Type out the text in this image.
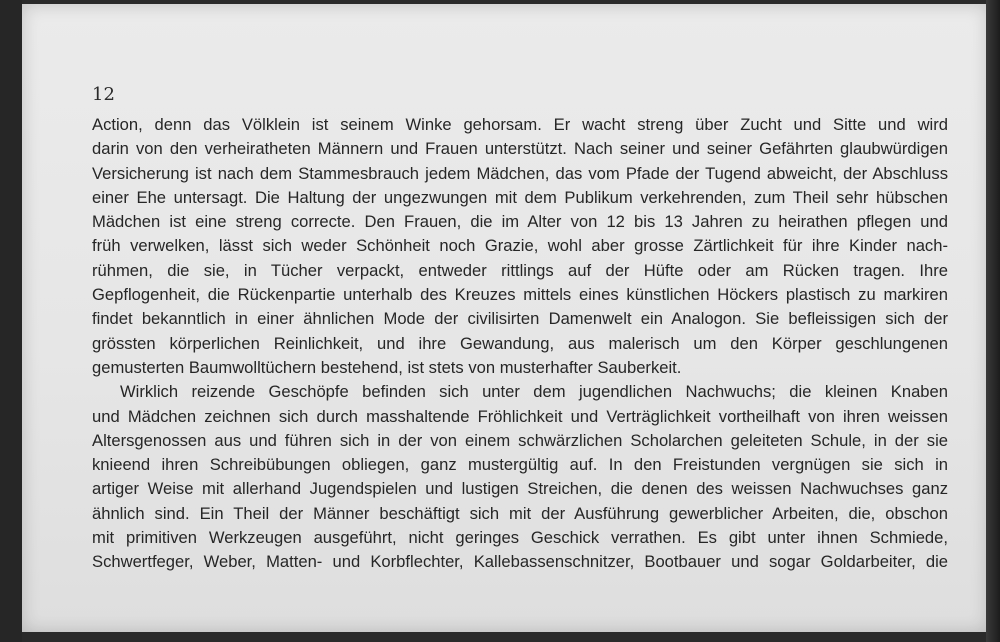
12
Action, denn das Völklein ist seinem Winke gehorsam. Er wacht streng über Zucht und Sitte und wird
darin von den verheiratheten Männern und Frauen unterstützt. Nach seiner und seiner Gefährten glaubwürdigen
Versicherung ist nach dem Stammesbrauch jedem Mädchen, das vom Pfade der Tugend abweicht, der Abschluss
einer Ehe untersagt. Die Haltung der ungezwungen mit dem Publikum verkehrenden, zum Theil sehr hübschen
Mädchen ist eine streng correcte. Den Frauen, die im Alter von 12 bis 13 Jahren zu heirathen pflegen und
früh verwelken, lässt sich weder Schönheit noch Grazie, wohl aber grosse Zärtlichkeit für ihre Kinder nach-
rühmen, die sie, in Tücher verpackt, entweder rittlings auf der Hüfte oder am Rücken tragen. Ihre
Gepflogenheit, die Rückenpartie unterhalb des Kreuzes mittels eines künstlichen Höckers plastisch zu markiren
findet bekanntlich in einer ähnlichen Mode der civilisirten Damenwelt ein Analogon. Sie befleissigen sich der
grössten körperlichen Reinlichkeit, und ihre Gewandung, aus malerisch um den Körper geschlungenen
gemusterten Baumwolltüchern bestehend, ist stets von musterhafter Sauberkeit.
Wirklich reizende Geschöpfe befinden sich unter dem jugendlichen Nachwuchs; die kleinen Knaben
und Mädchen zeichnen sich durch masshaltende Fröhlichkeit und Verträglichkeit vortheilhaft von ihren weissen
Altersgenossen aus und führen sich in der von einem schwärzlichen Scholarchen geleiteten Schule, in der sie
knieend ihren Schreibübungen obliegen, ganz mustergültig auf. In den Freistunden vergnügen sie sich in
artiger Weise mit allerhand Jugendspielen und lustigen Streichen, die denen des weissen Nachwuchses ganz
ähnlich sind. Ein Theil der Männer beschäftigt sich mit der Ausführung gewerblicher Arbeiten, die, obschon
mit primitiven Werkzeugen ausgeführt, nicht geringes Geschick verrathen. Es gibt unter ihnen Schmiede,
Schwertfeger, Weber, Matten- und Korbflechter, Kallebassenschnitzer, Bootbauer und sogar Goldarbeiter, die
